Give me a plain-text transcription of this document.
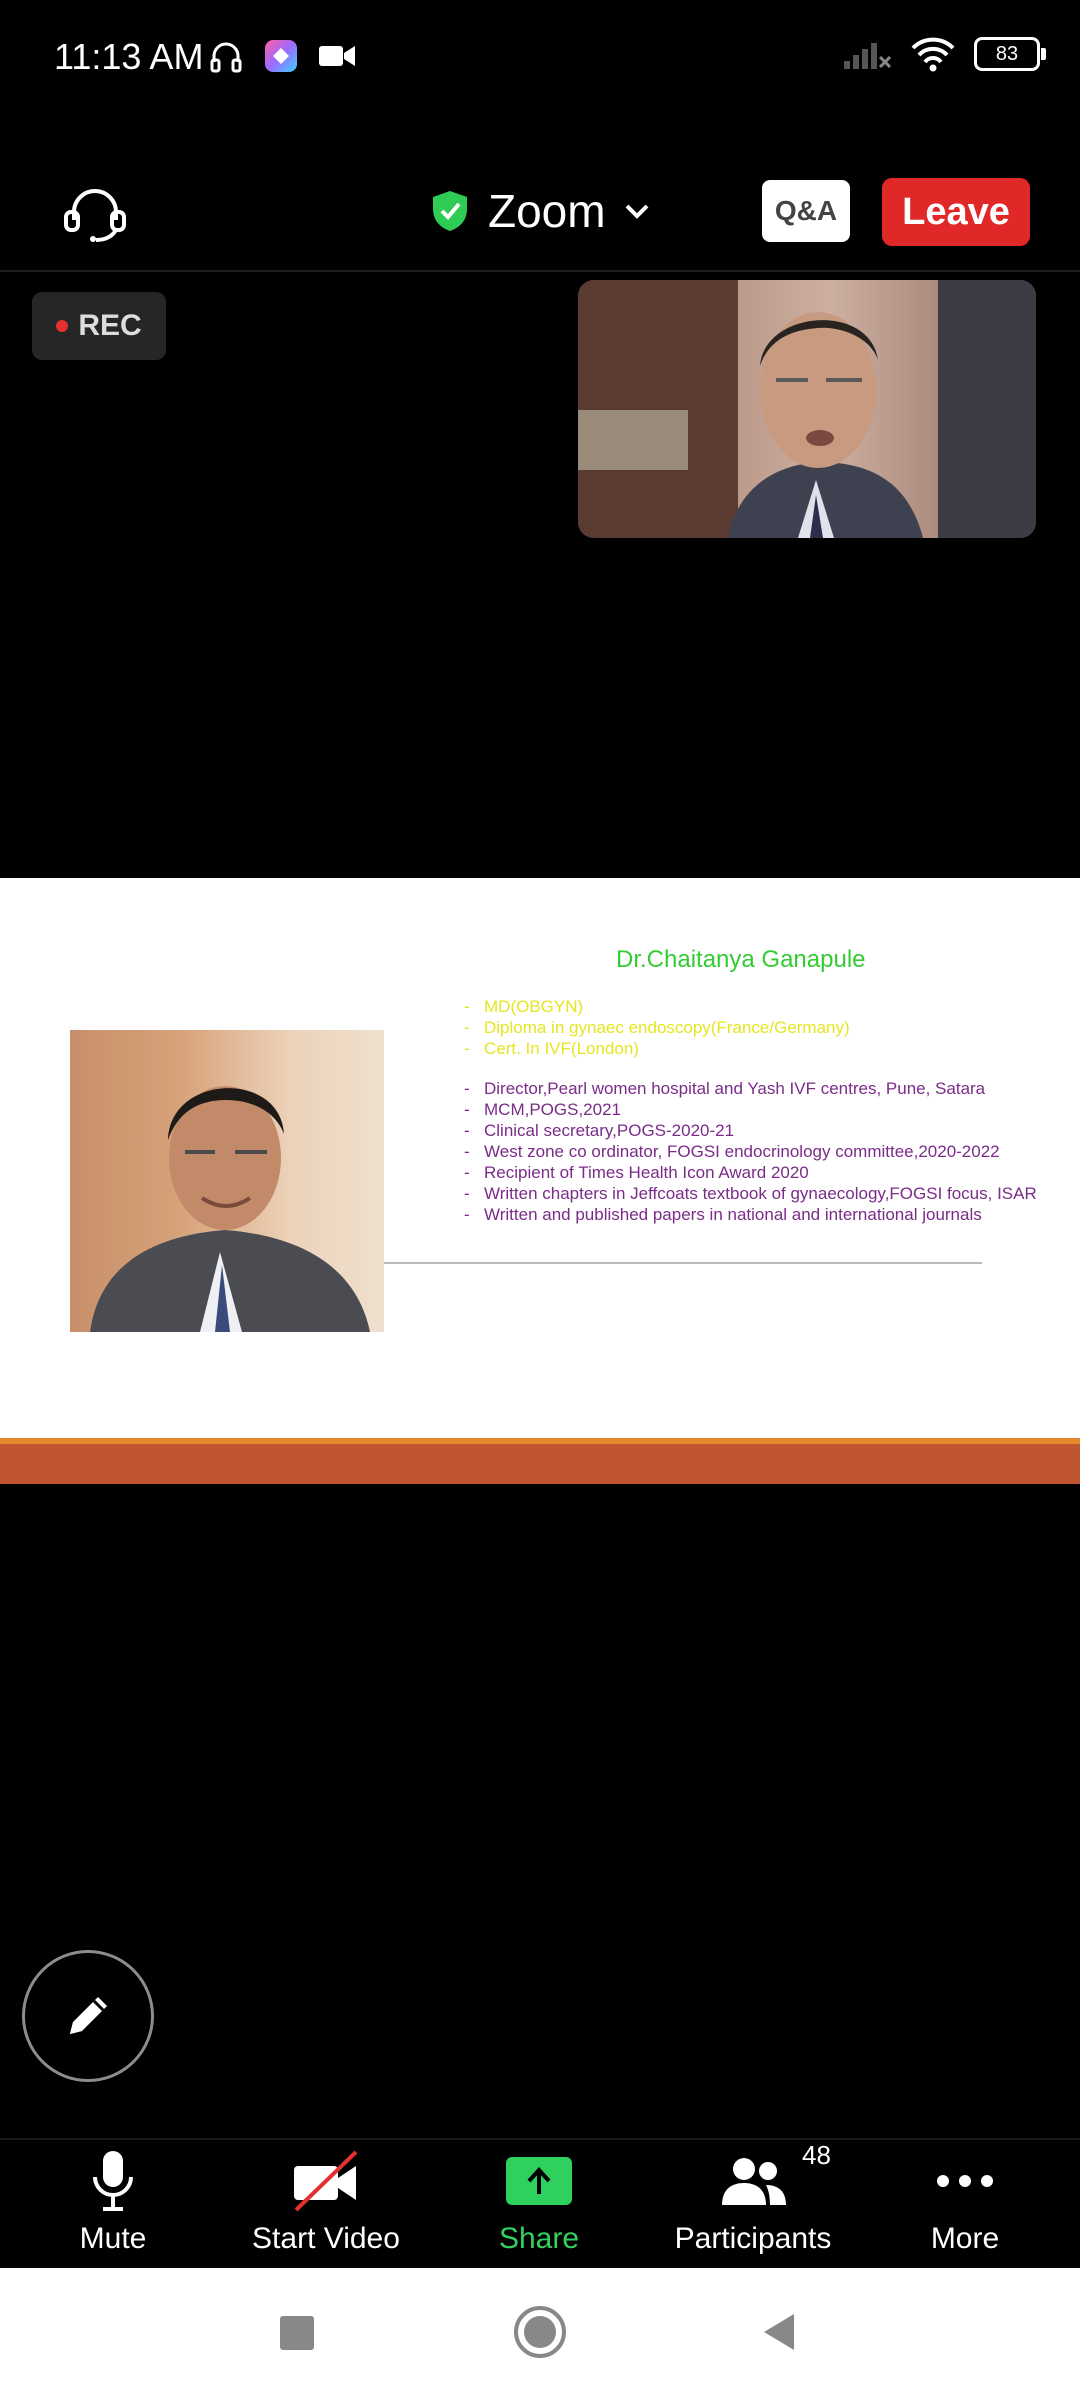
11:13 AM	83
Zoom	Q&A	Leave
REC
Dr.Chaitanya Ganapule
- MD(OBGYN)
- Diploma in gynaec endoscopy(France/Germany)
- Cert. In IVF(London)
- Director,Pearl women hospital and Yash IVF centres, Pune, Satara
- MCM,POGS,2021
- Clinical secretary,POGS-2020-21
- West zone co ordinator, FOGSI endocrinology committee,2020-2022
- Recipient of Times Health Icon Award 2020
- Written chapters in Jeffcoats textbook of gynaecology,FOGSI focus, ISAR
- Written and published papers in national and international journals
Mute	Start Video	Share
48
Participants	More
